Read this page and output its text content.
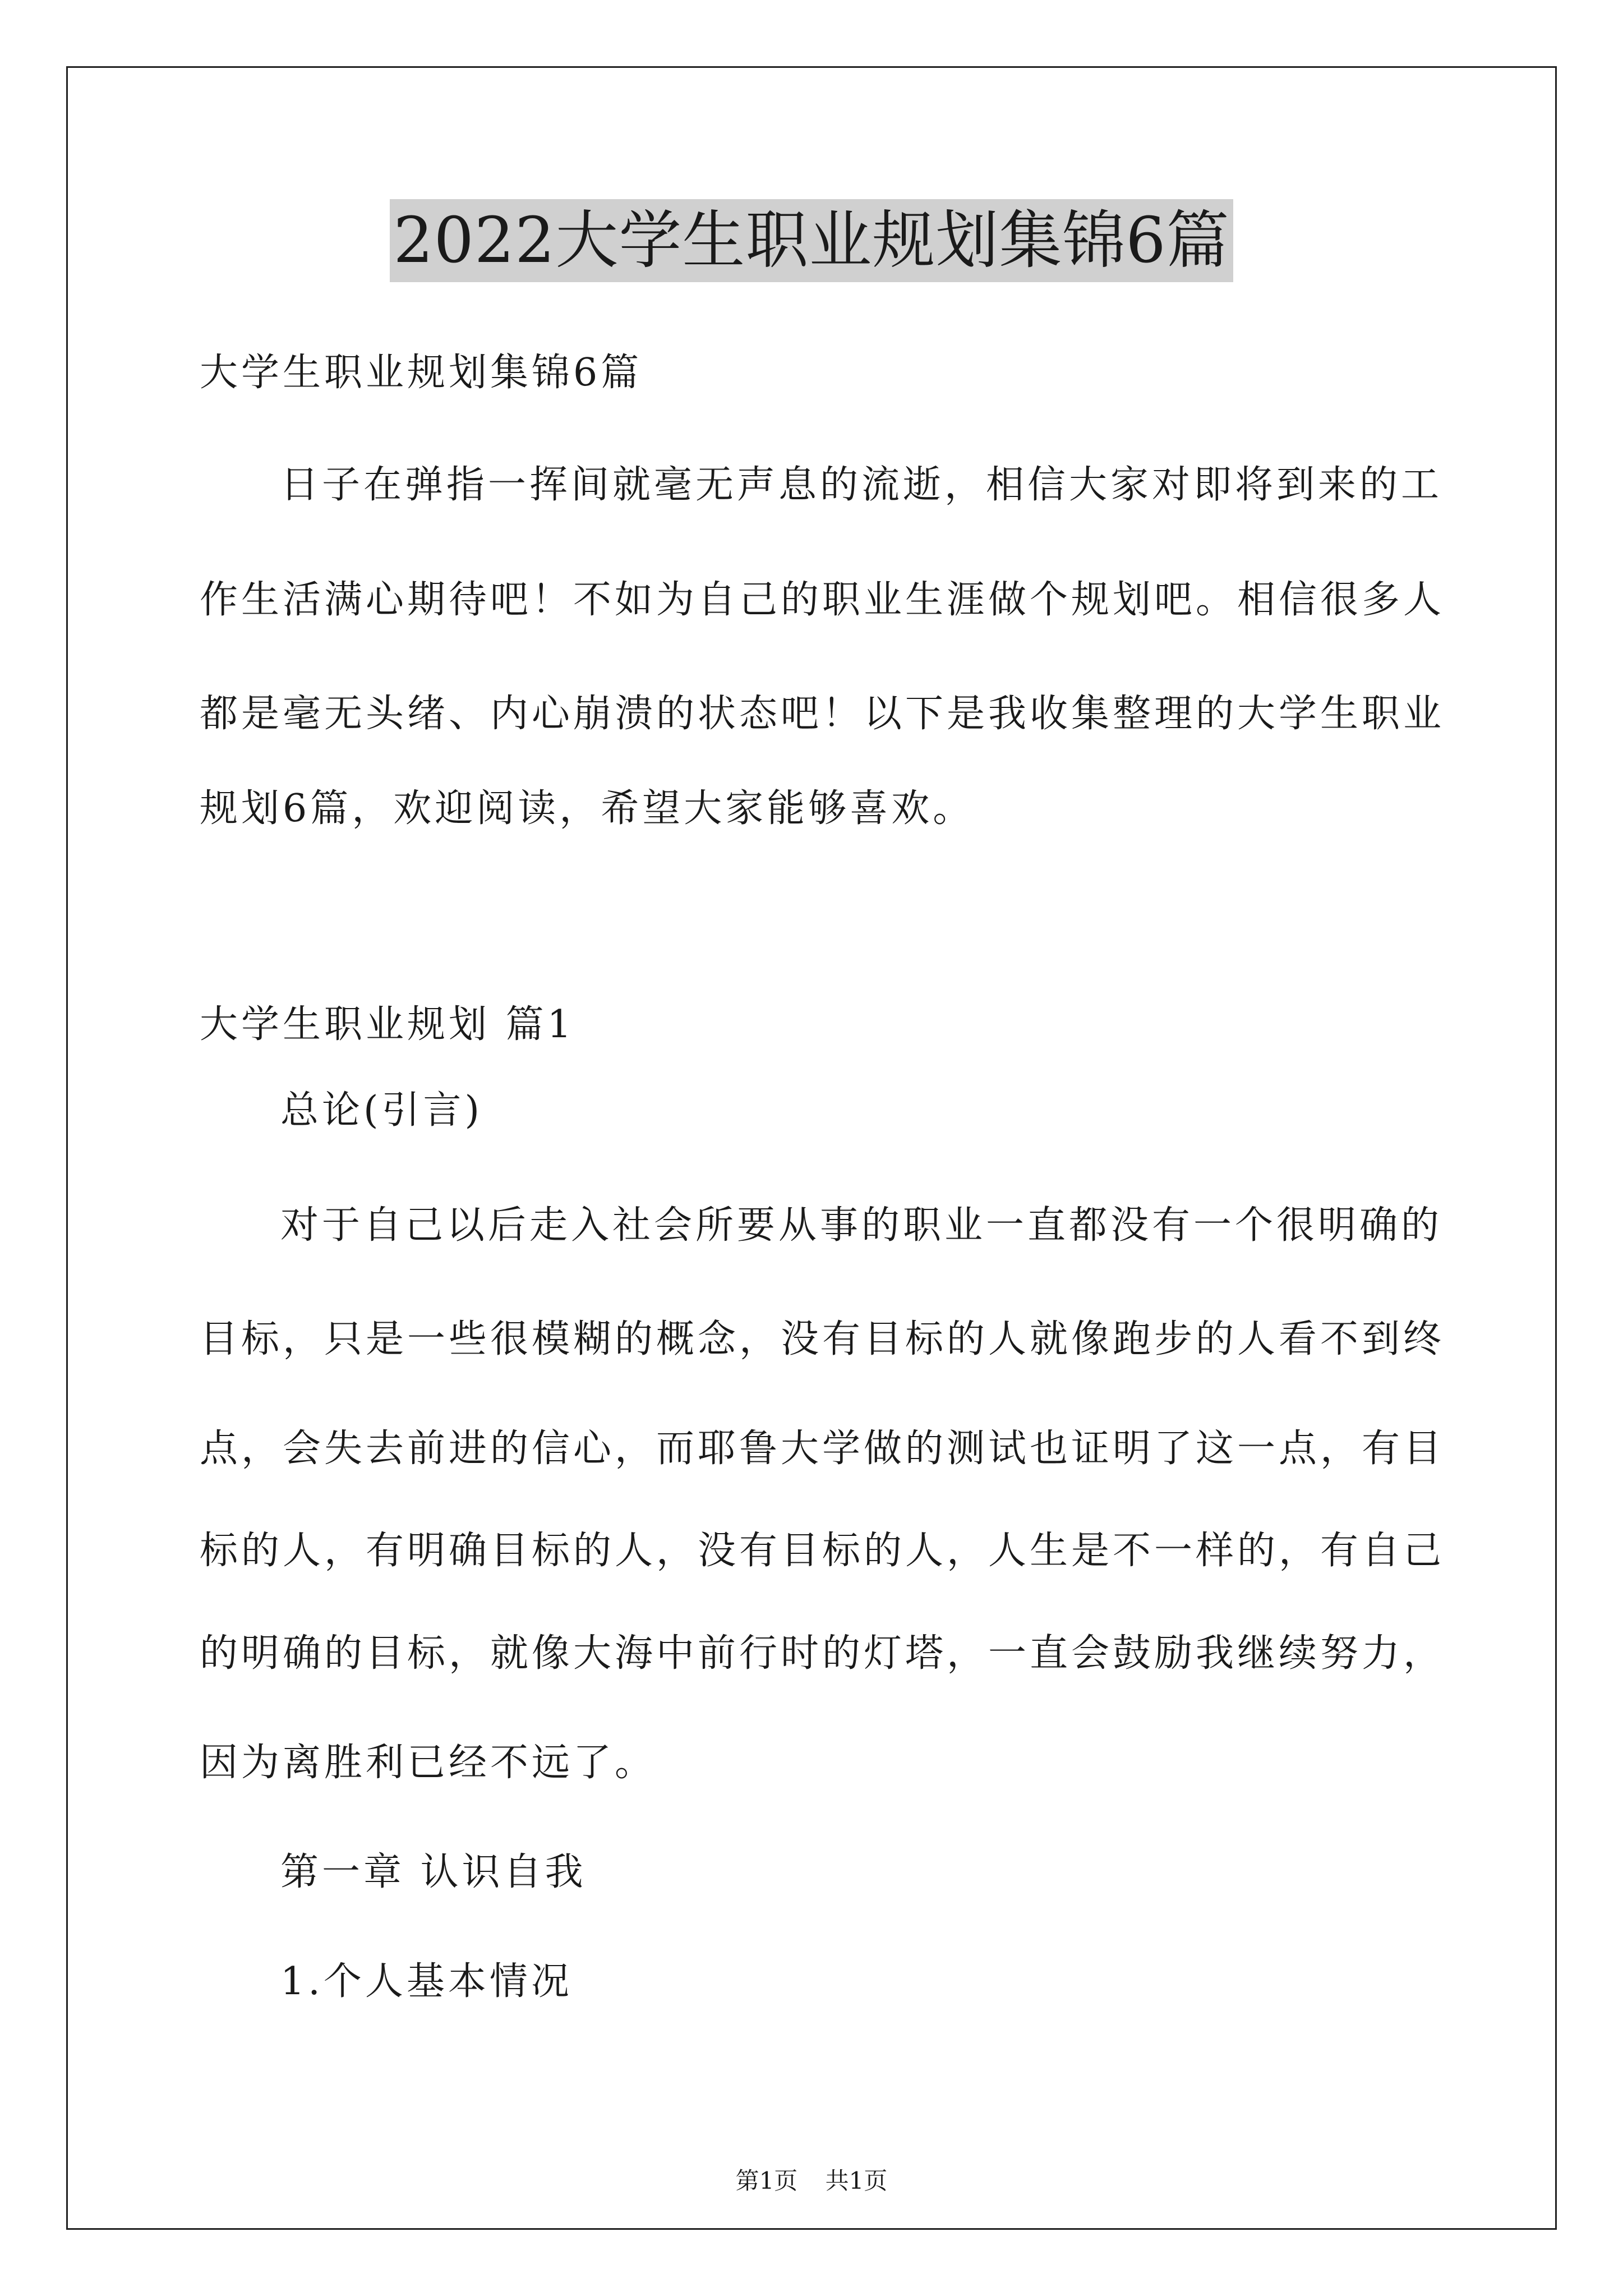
2022大学生职业规划集锦6篇
大学生职业规划集锦6篇
日子在弹指一挥间就毫无声息的流逝，相信大家对即将到来的工
作生活满心期待吧！不如为自己的职业生涯做个规划吧。相信很多人
都是毫无头绪、内心崩溃的状态吧！以下是我收集整理的大学生职业
规划6篇，欢迎阅读，希望大家能够喜欢。
大学生职业规划 篇1
总论(引言)
对于自己以后走入社会所要从事的职业一直都没有一个很明确的
目标，只是一些很模糊的概念，没有目标的人就像跑步的人看不到终
点，会失去前进的信心，而耶鲁大学做的测试也证明了这一点，有目
标的人，有明确目标的人，没有目标的人，人生是不一样的，有自己
的明确的目标，就像大海中前行时的灯塔，一直会鼓励我继续努力，
因为离胜利已经不远了。
第一章 认识自我
1.个人基本情况
第1页 共1页
